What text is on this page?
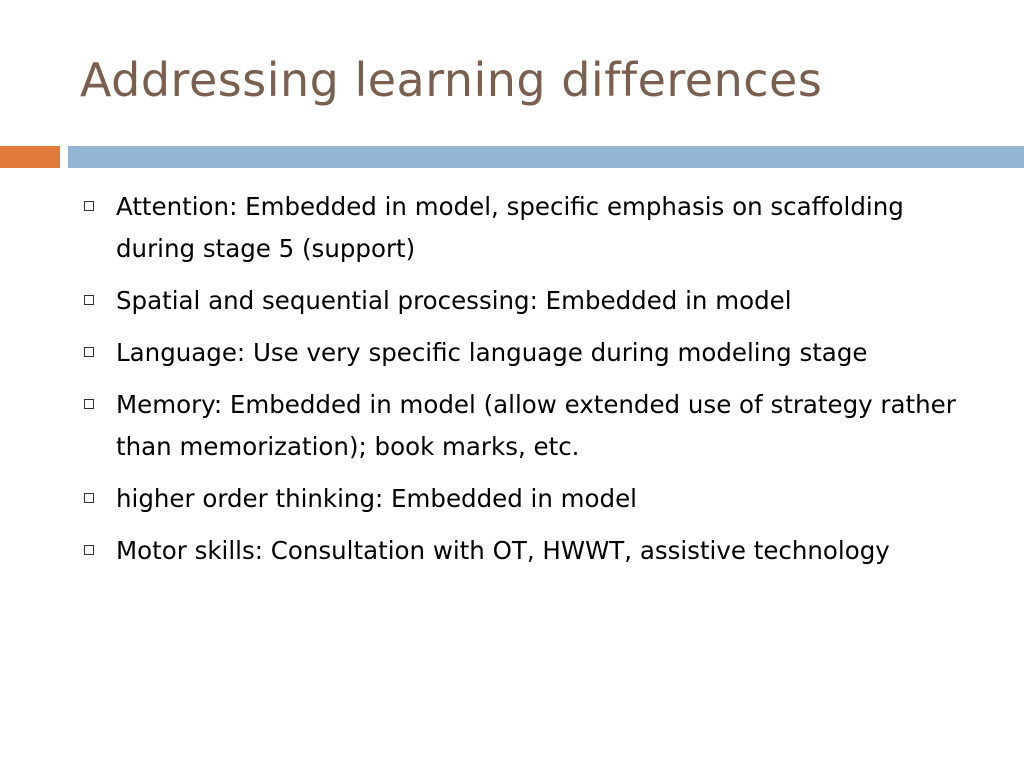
Addressing learning differences
Attention: Embedded in model, specific emphasis on scaffolding during stage 5 (support)
Spatial and sequential processing: Embedded in model
Language: Use very specific language during modeling stage
Memory: Embedded in model (allow extended use of strategy rather than memorization); book marks, etc.
higher order thinking: Embedded in model
Motor skills: Consultation with OT, HWWT, assistive technology
